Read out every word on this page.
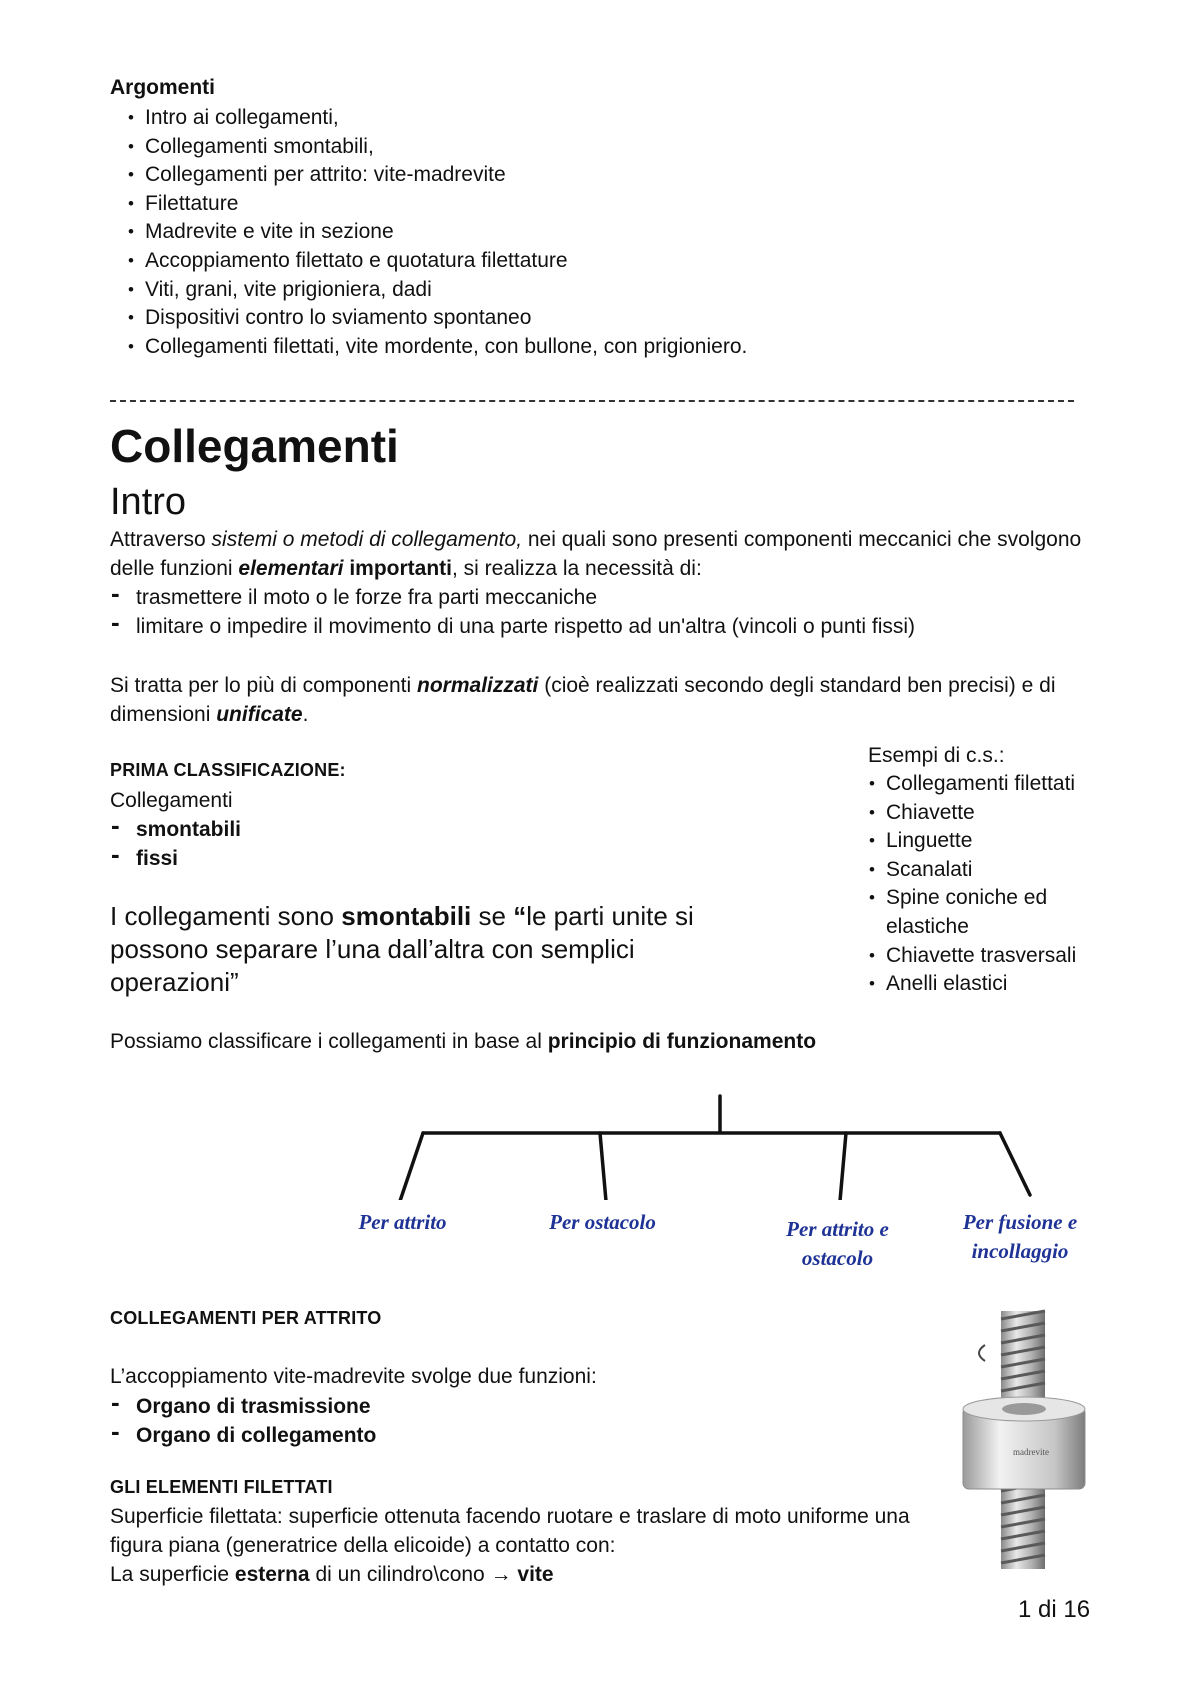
Argomenti
• Intro ai collegamenti,
• Collegamenti smontabili,
• Collegamenti per attrito: vite-madrevite
• Filettature
• Madrevite e vite in sezione
• Accoppiamento filettato e quotatura filettature
• Viti, grani, vite prigioniera, dadi
• Dispositivi contro lo sviamento spontaneo
• Collegamenti filettati, vite mordente, con bullone, con prigioniero.
Collegamenti
Intro
Attraverso sistemi o metodi di collegamento, nei quali sono presenti componenti meccanici che svolgono delle funzioni elementari importanti, si realizza la necessità di:
- trasmettere il moto o le forze fra parti meccaniche
- limitare o impedire il movimento di una parte rispetto ad un'altra (vincoli o punti fissi)
Si tratta per lo più di componenti normalizzati (cioè realizzati secondo degli standard ben precisi) e di dimensioni unificate.
PRIMA CLASSIFICAZIONE:
Collegamenti
- smontabili
- fissi
Esempi di c.s.:
• Collegamenti filettati
• Chiavette
• Linguette
• Scanalati
• Spine coniche ed elastiche
• Chiavette trasversali
• Anelli elastici
I collegamenti sono smontabili se “le parti unite si possono separare l’una dall’altra con semplici operazioni”
Possiamo classificare i collegamenti in base al principio di funzionamento
Per attrito	Per ostacolo	Per attrito e ostacolo
Per fusione e incollaggio
COLLEGAMENTI PER ATTRITO
L’accoppiamento vite-madrevite svolge due funzioni:
- Organo di trasmissione
- Organo di collegamento
GLI ELEMENTI FILETTATI
Superficie filettata: superficie ottenuta facendo ruotare e traslare di moto uniforme una figura piana (generatrice della elicoide) a contatto con:
La superficie esterna di un cilindro\cono → vite
madrevite
1 di 16
